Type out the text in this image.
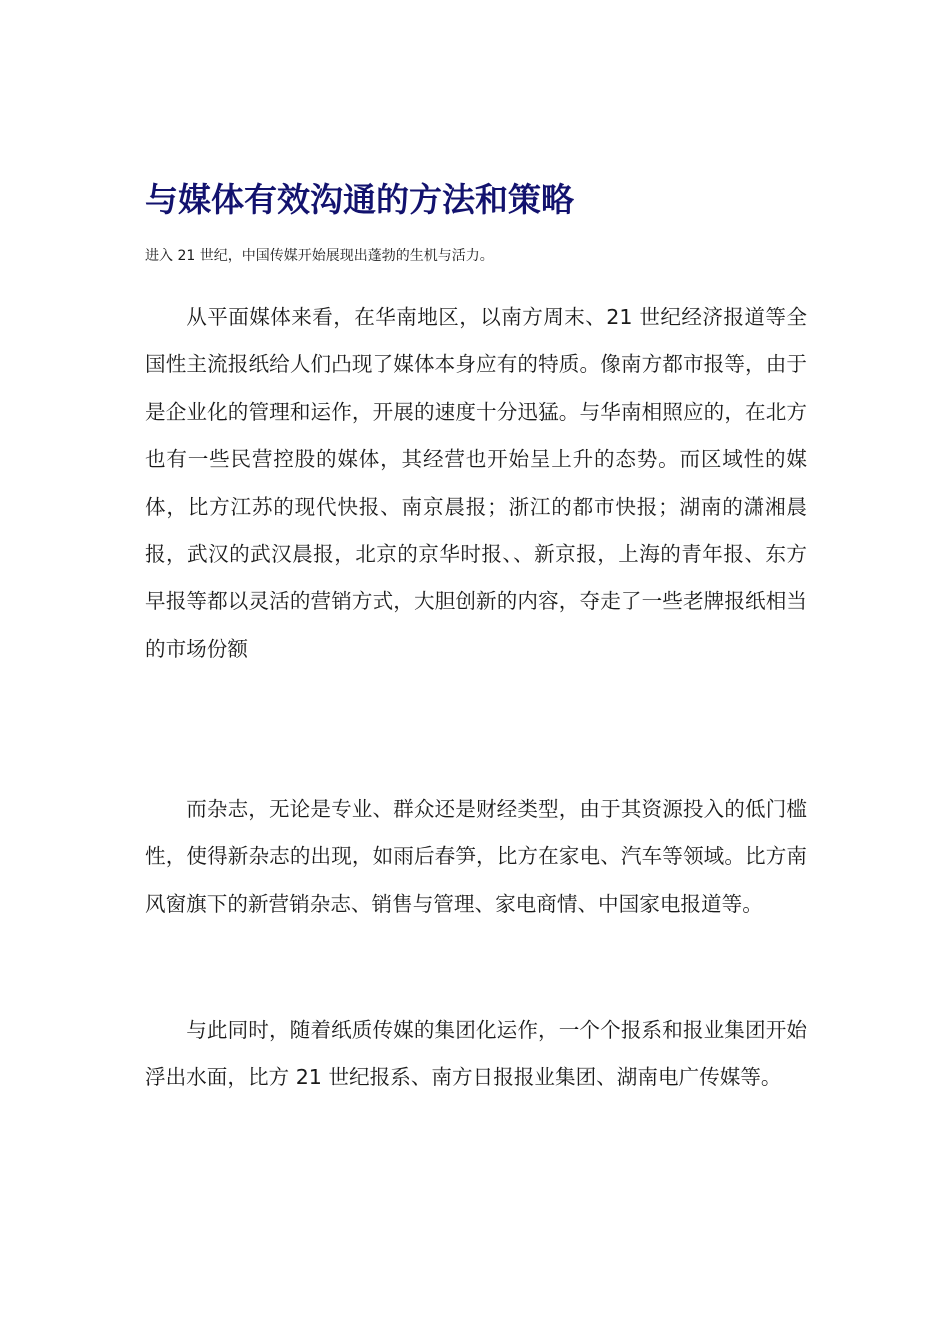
与媒体有效沟通的方法和策略

进入 21 世纪，中国传媒开始展现出蓬勃的生机与活力。

从平面媒体来看，在华南地区，以南方周末、21 世纪经济报道等全国性主流报纸给人们凸现了媒体本身应有的特质。像南方都市报等，由于是企业化的管理和运作，开展的速度十分迅猛。与华南相照应的，在北方也有一些民营控股的媒体，其经营也开始呈上升的态势。而区域性的媒体，比方江苏的现代快报、南京晨报；浙江的都市快报；湖南的潇湘晨报，武汉的武汉晨报，北京的京华时报、、新京报，上海的青年报、东方早报等都以灵活的营销方式，大胆创新的内容，夺走了一些老牌报纸相当的市场份额

而杂志，无论是专业、群众还是财经类型，由于其资源投入的低门槛性，使得新杂志的出现，如雨后春笋，比方在家电、汽车等领域。比方南风窗旗下的新营销杂志、销售与管理、家电商情、中国家电报道等。

与此同时，随着纸质传媒的集团化运作，一个个报系和报业集团开始浮出水面，比方 21 世纪报系、南方日报报业集团、湖南电广传媒等。
